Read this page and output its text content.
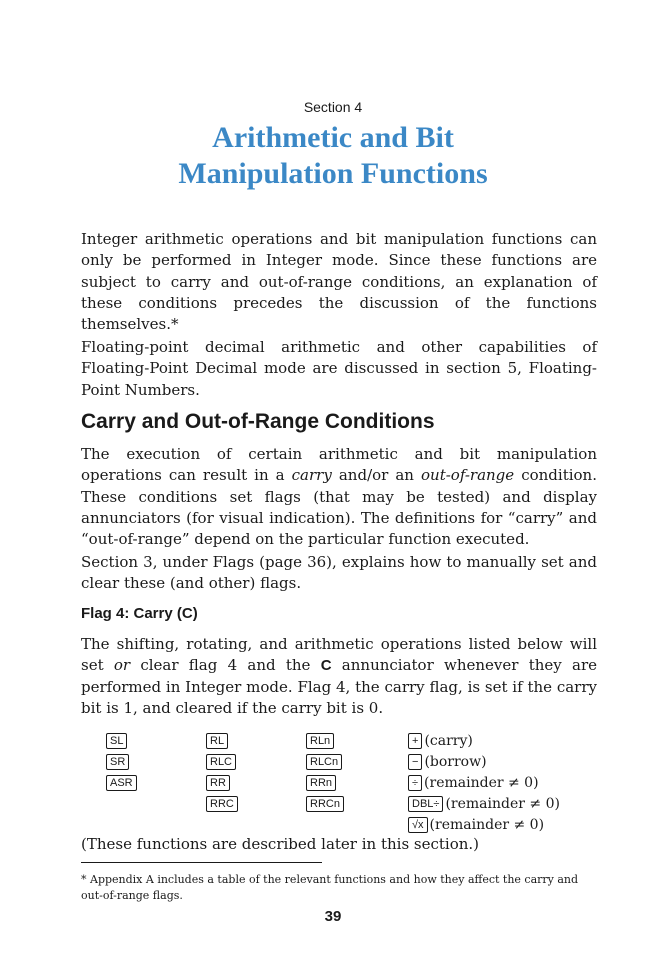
Section 4
Arithmetic and Bit
Manipulation Functions

Integer arithmetic operations and bit manipulation functions can only be performed in Integer mode. Since these functions are subject to carry and out-of-range conditions, an explanation of these conditions precedes the discussion of the functions themselves.*

Floating-point decimal arithmetic and other capabilities of Floating-Point Decimal mode are discussed in section 5, Floating-Point Numbers.

Carry and Out-of-Range Conditions

The execution of certain arithmetic and bit manipulation operations can result in a carry and/or an out-of-range condition. These conditions set flags (that may be tested) and display annunciators (for visual indication). The definitions for “carry” and “out-of-range” depend on the particular function executed.

Section 3, under Flags (page 36), explains how to manually set and clear these (and other) flags.

Flag 4: Carry (C)

The shifting, rotating, and arithmetic operations listed below will set or clear flag 4 and the C annunciator whenever they are performed in Integer mode. Flag 4, the carry flag, is set if the carry bit is 1, and cleared if the carry bit is 0.

SL
SR
ASR
RL
RLC
RR
RRC
RLn
RLCn
RRn
RRCn
+ (carry)
− (borrow)
÷ (remainder ≠ 0)
DBL÷ (remainder ≠ 0)
√x (remainder ≠ 0)

(These functions are described later in this section.)

* Appendix A includes a table of the relevant functions and how they affect the carry and out-of-range flags.

39
